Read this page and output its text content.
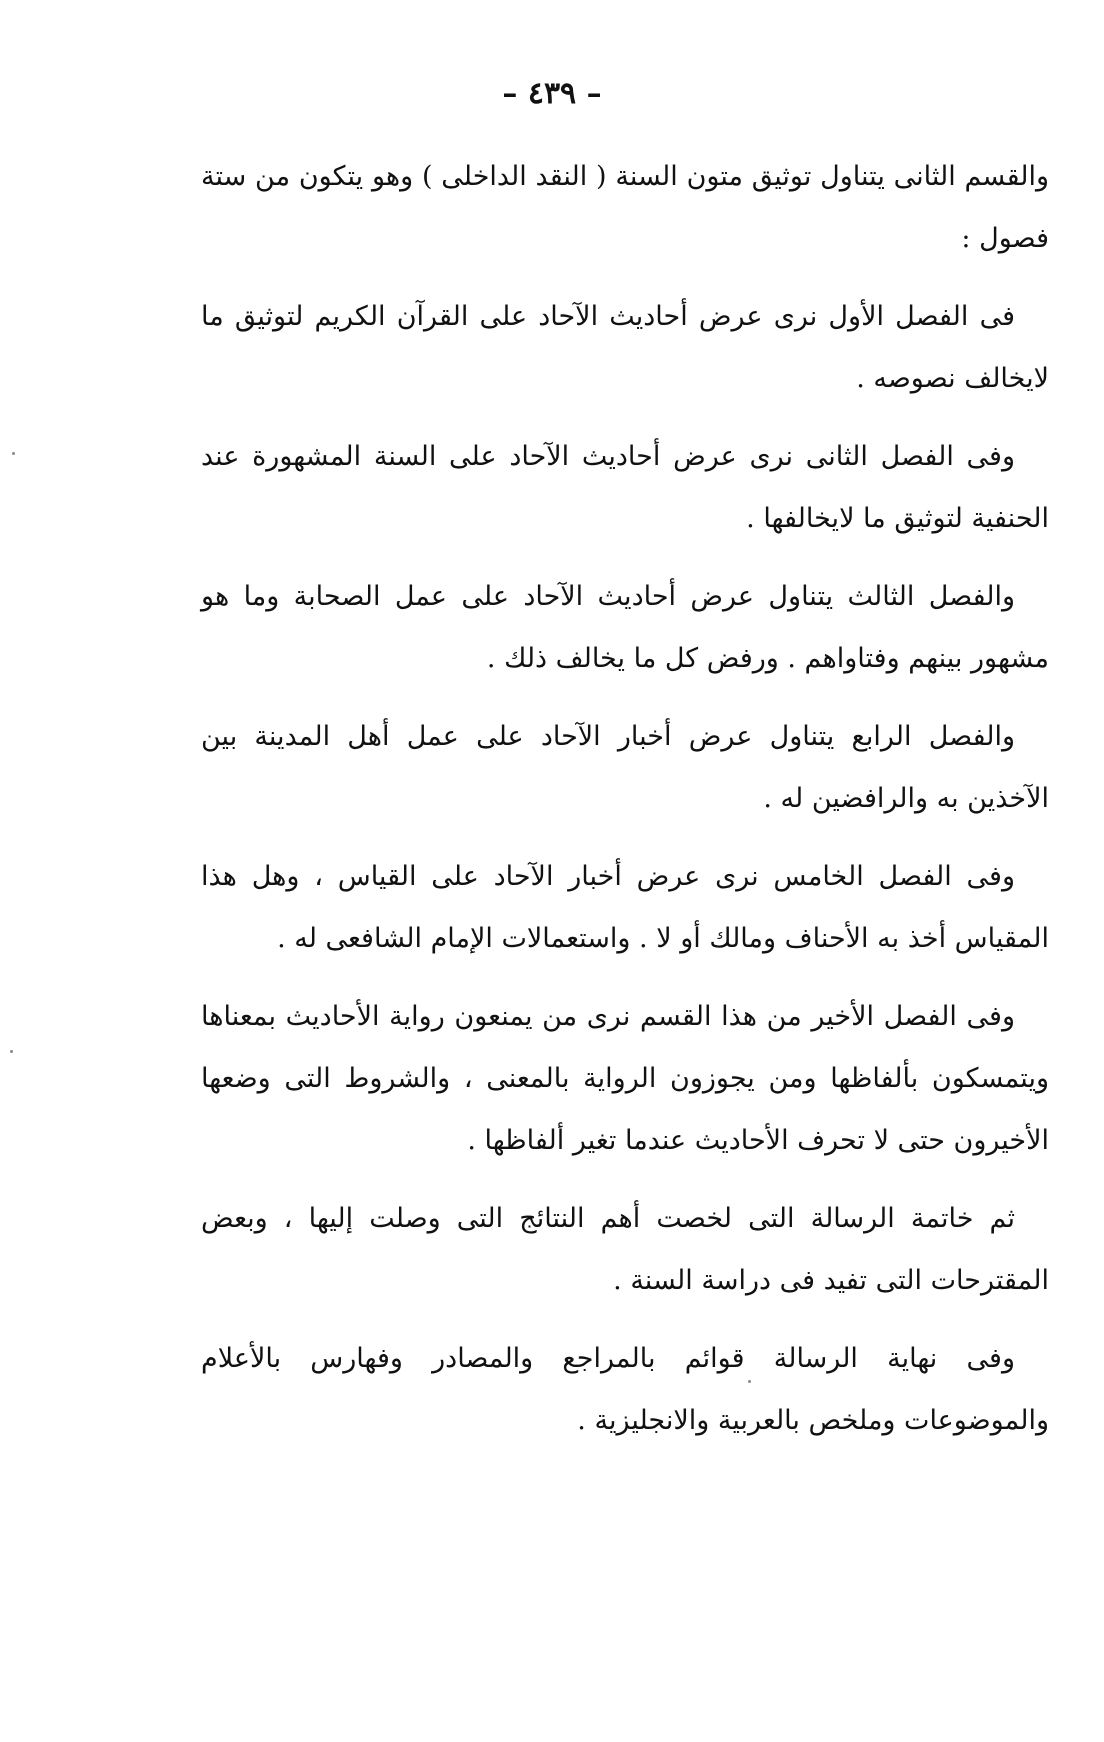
– ٤٣٩ –

والقسم الثانى يتناول توثيق متون السنة ( النقد الداخلى ) وهو يتكون من ستة فصول :

فى الفصل الأول نرى عرض أحاديث الآحاد على القرآن الكريم لتوثيق ما لايخالف نصوصه .

وفى الفصل الثانى نرى عرض أحاديث الآحاد على السنة المشهورة عند الحنفية لتوثيق ما لايخالفها .

والفصل الثالث يتناول عرض أحاديث الآحاد على عمل الصحابة وما هو مشهور بينهم وفتاواهم . ورفض كل ما يخالف ذلك .

والفصل الرابع يتناول عرض أخبار الآحاد على عمل أهل المدينة بين الآخذين به والرافضين له .

وفى الفصل الخامس نرى عرض أخبار الآحاد على القياس ، وهل هذا المقياس أخذ به الأحناف ومالك أو لا . واستعمالات الإمام الشافعى له .

وفى الفصل الأخير من هذا القسم نرى من يمنعون رواية الأحاديث بمعناها ويتمسكون بألفاظها ومن يجوزون الرواية بالمعنى ، والشروط التى وضعها الأخيرون حتى لا تحرف الأحاديث عندما تغير ألفاظها .

ثم خاتمة الرسالة التى لخصت أهم النتائج التى وصلت إليها ، وبعض المقترحات التى تفيد فى دراسة السنة .

وفى نهاية الرسالة قوائم بالمراجع والمصادر وفهارس بالأعلام والموضوعات وملخص بالعربية والانجليزية .
